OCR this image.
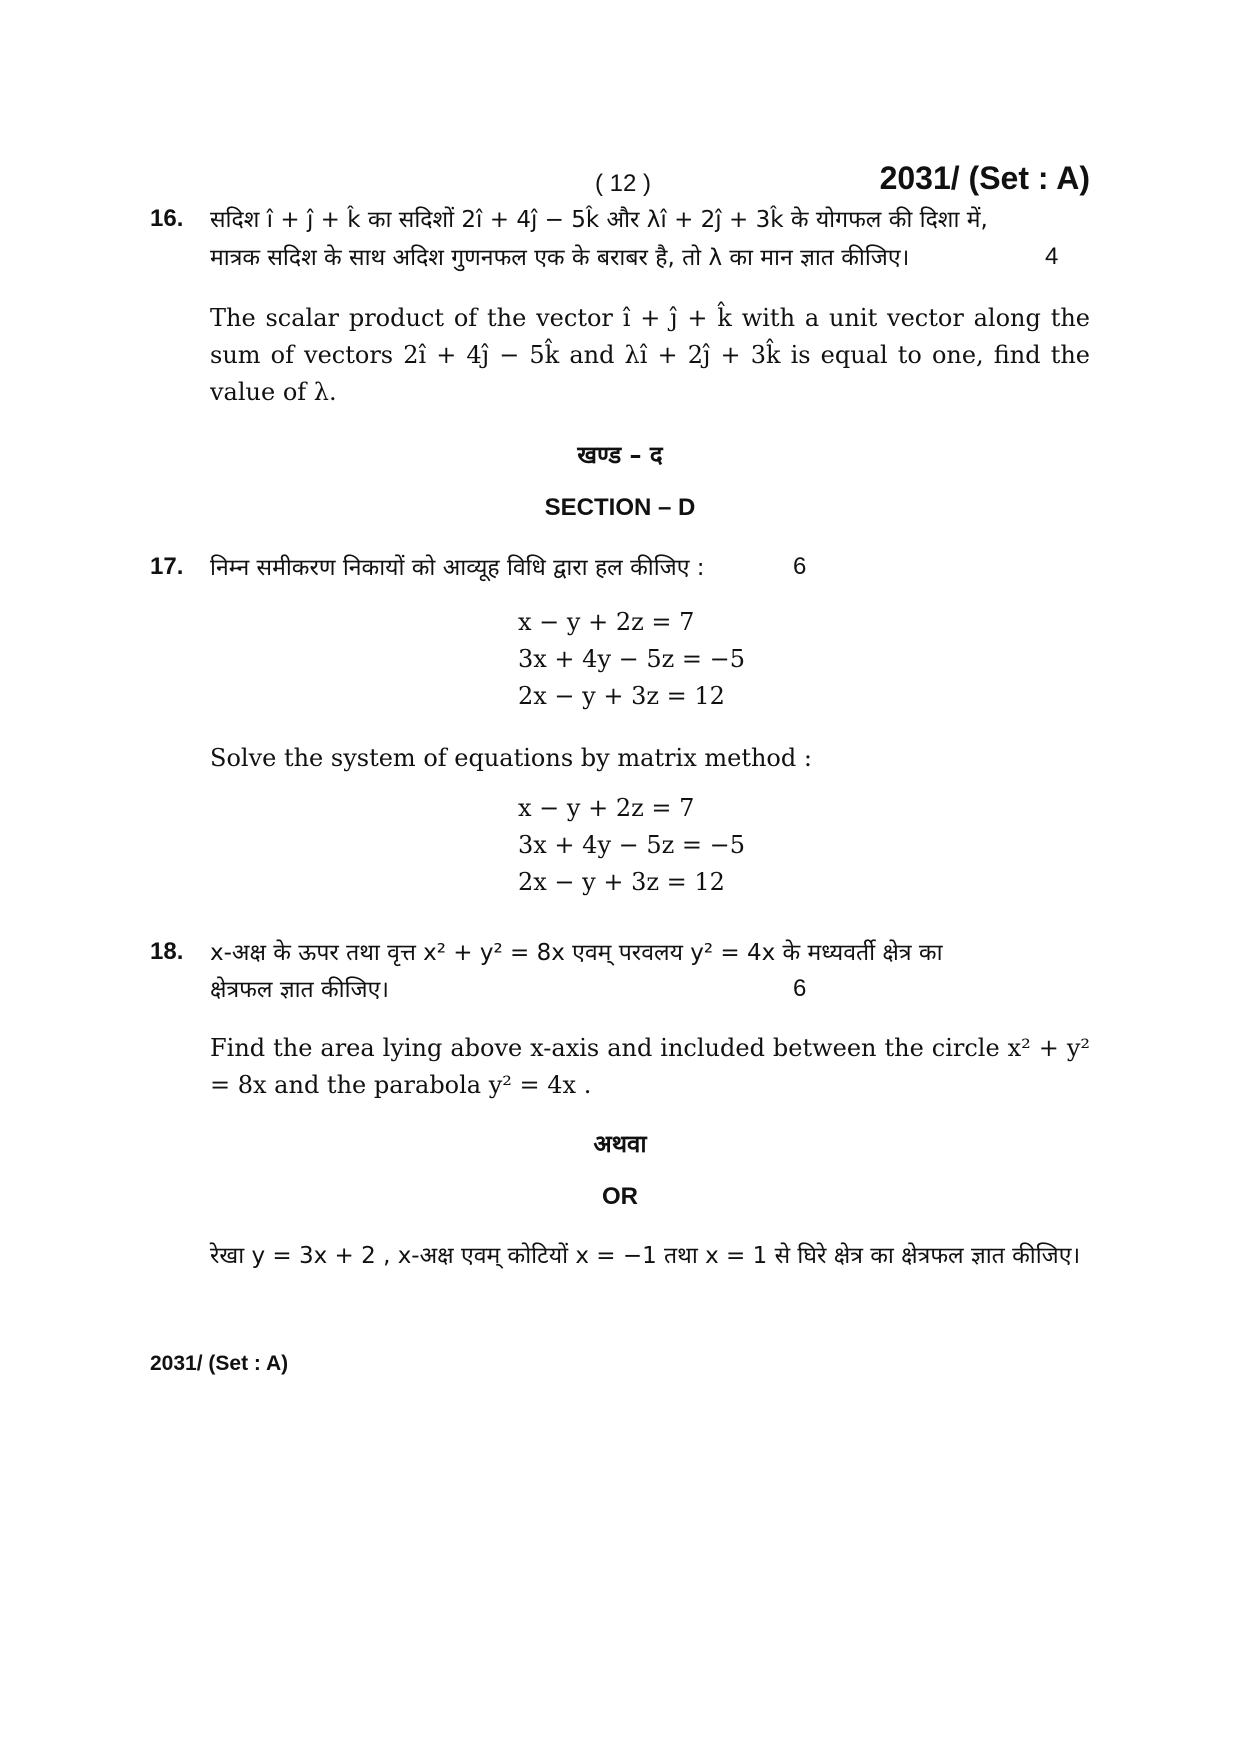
( 12 )	2031/ (Set : A)
16. सदिश î + ĵ + k̂ का सदिशों 2î + 4ĵ − 5k̂ और λî + 2ĵ + 3k̂ के योगफल की दिशा में,
मात्रक सदिश के साथ अदिश गुणनफल एक के बराबर है, तो λ का मान ज्ञात कीजिए।	4
The scalar product of the vector î + ĵ + k̂ with a unit vector along the sum of vectors 2î + 4ĵ − 5k̂ and λî + 2ĵ + 3k̂ is equal to one, find the value of λ.
खण्ड – द
SECTION – D
17. निम्न समीकरण निकायों को आव्यूह विधि द्वारा हल कीजिए :	6
x − y + 2z = 7
3x + 4y − 5z = −5
2x − y + 3z = 12
Solve the system of equations by matrix method :
x − y + 2z = 7
3x + 4y − 5z = −5
2x − y + 3z = 12
18. x-अक्ष के ऊपर तथा वृत्त x² + y² = 8x एवम् परवलय y² = 4x के मध्यवर्ती क्षेत्र का
क्षेत्रफल ज्ञात कीजिए।	6
Find the area lying above x-axis and included between the circle x² + y² = 8x and the parabola y² = 4x .
अथवा
OR
रेखा y = 3x + 2 , x-अक्ष एवम् कोटियों x = −1 तथा x = 1 से घिरे क्षेत्र का क्षेत्रफल ज्ञात कीजिए।
2031/ (Set : A)
